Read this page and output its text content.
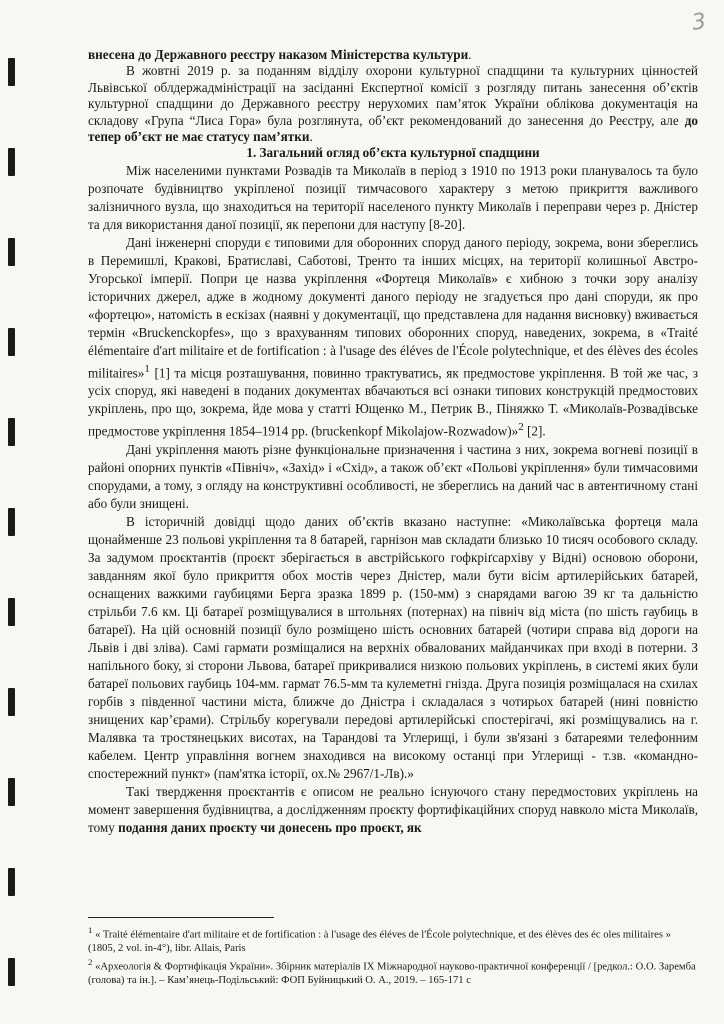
3

внесена до Державного реєстру наказом Міністерства культури.

В жовтні 2019 р. за поданням відділу охорони культурної спадщини та культурних цінностей Львівської облдержадміністрації на засіданні Експертної комісії з розгляду питань занесення об’єктів культурної спадщини до Державного реєстру нерухомих пам’яток України облікова документація на складову «Група “Лиса Гора» була розглянута, об’єкт рекомендований до занесення до Реєстру, але до тепер об’єкт не має статусу пам’ятки.

1. Загальний огляд об’єкта культурної спадщини

Між населеними пунктами Розвадів та Миколаїв в період з 1910 по 1913 роки планувалось та було розпочате будівництво укріпленої позиції тимчасового характеру з метою прикриття важливого залізничного вузла, що знаходиться на території населеного пункту Миколаїв і переправи через р. Дністер та для використання даної позиції, як перепони для наступу [8-20].

Дані інженерні споруди є типовими для оборонних споруд даного періоду, зокрема, вони збереглись в Перемишлі, Кракові, Братиславі, Саботові, Тренто та інших місцях, на території колишньої Австро-Угорської імперії. Попри це назва укріплення «Фортеця Миколаїв» є хибною з точки зору аналізу історичних джерел, адже в жодному документі даного періоду не згадується про дані споруди, як про «фортецю», натомість в ескізах (наявні у документації, що представлена для надання висновку) вживається термін «Bruckenckopfes», що з врахуванням типових оборонних споруд, наведених, зокрема, в «Traité élémentaire d'art militaire et de fortification : à l'usage des éléves de l'École polytechnique, et des élèves des écoles militaires»$^1$ [1] та місця розташування, повинно трактуватись, як предмостове укріплення. В той же час, з усіх споруд, які наведені в поданих документах вбачаються всі ознаки типових конструкцій предмостових укріплень, про що, зокрема, йде мова у статті Ющенко М., Петрик В., Пiняжко Т. «Миколаїв-Розвадівське предмостове укріплення 1854–1914 рр. (bruckenkopf Mikolajow-Rozwadow)»$^2$ [2].

Дані укріплення мають різне функціональне призначення і частина з них, зокрема вогневі позиції в районі опорних пунктів «Північ», «Захід» і «Схід», а також об’єкт «Польові укріплення» були тимчасовими спорудами, а тому, з огляду на конструктивні особливості, не збереглись на даний час в автентичному стані або були знищені.

В історичній довідці щодо даних об’єктів вказано наступне: «Миколаївська фортеця мала щонайменше 23 польові укріплення та 8 батарей, гарнізон мав складати близько 10 тисяч особового складу. За задумом проєктантів (проєкт зберігається в австрійського гофкріґсархіву у Відні) основою оборони, завданням якої було прикриття обох мостів через Дністер, мали бути вісім артилерійських батарей, оснащених важкими гаубицями Берга зразка 1899 р. (150-мм) з снарядами вагою 39 кг та дальністю стрільби 7.6 км. Ці батареї розміщувалися в штольнях (потернах) на північ від міста (по шість гаубиць в батареї). На цій основній позиції було розміщено шість основних батарей (чотири справа від дороги на Львів і дві зліва). Самі гармати розміщалися на верхніх обвалованих майданчиках при вході в потерни. З напільного боку, зі сторони Львова, батареї прикривалися низкою польових укріплень, в системі яких були батареї польових гаубиць 104-мм. гармат 76.5-мм та кулеметні гнізда. Друга позиція розміщалася на схилах горбів з південної частини міста, ближче до Дністра і складалася з чотирьох батарей (нині повністю знищених кар’єрами). Стрільбу корегували передові артилерійські спостерігачі, які розміщувались на г. Малявка та тростянецьких висотах, на Тарандові та Углерищі, і були зв'язані з батареями телефонним кабелем. Центр управління вогнем знаходився на високому останці при Углерищі - т.зв. «командно-спостережний пункт» (пам'ятка історії, ох.№ 2967/1-Лв).»

Такі твердження проєктантів є описом не реально існуючого стану передмостових укріплень на момент завершення будівництва, а дослідженням проєкту фортифікаційних споруд навколо міста Миколаїв, тому подання даних проєкту чи донесень про проєкт, як

$^1$ « Traité élémentaire d'art militaire et de fortification : à l'usage des éléves de l'École polytechnique, et des élèves des éc oles militaires » (1805, 2 vol. in-4°), libr. Allais, Paris
$^2$ «Археологія & Фортифікація України». Збірник матеріалів IX Міжнародної науково-практичної конференції / [редкол.: О.О. Заремба (голова) та ін.]. – Кам’янець-Подільський: ФОП Буйницький О. А., 2019. – 165-171 с
